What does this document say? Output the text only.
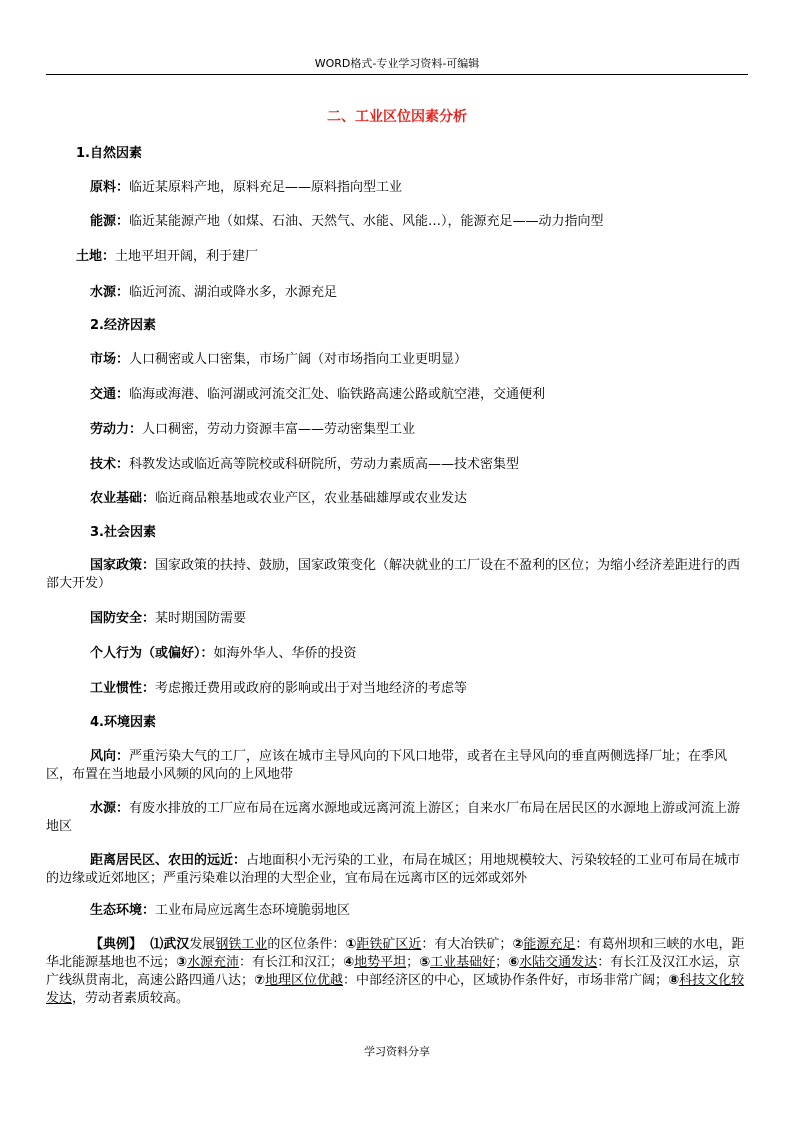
WORD格式-专业学习资料-可编辑
二、工业区位因素分析
1.自然因素
原料：临近某原料产地，原料充足——原料指向型工业
能源：临近某能源产地（如煤、石油、天然气、水能、风能…），能源充足——动力指向型
土地：土地平坦开阔，利于建厂
水源：临近河流、湖泊或降水多，水源充足
2.经济因素
市场：人口稠密或人口密集，市场广阔（对市场指向工业更明显）
交通：临海或海港、临河湖或河流交汇处、临铁路高速公路或航空港，交通便利
劳动力：人口稠密，劳动力资源丰富——劳动密集型工业
技术：科教发达或临近高等院校或科研院所，劳动力素质高——技术密集型
农业基础：临近商品粮基地或农业产区，农业基础雄厚或农业发达
3.社会因素
国家政策：国家政策的扶持、鼓励，国家政策变化（解决就业的工厂设在不盈利的区位；为缩小经济差距进行的西部大开发）
国防安全：某时期国防需要
个人行为（或偏好）：如海外华人、华侨的投资
工业惯性：考虑搬迁费用或政府的影响或出于对当地经济的考虑等
4.环境因素
风向：严重污染大气的工厂，应该在城市主导风向的下风口地带，或者在主导风向的垂直两侧选择厂址；在季风区，布置在当地最小风频的风向的上风地带
水源：有废水排放的工厂应布局在远离水源地或远离河流上游区；自来水厂布局在居民区的水源地上游或河流上游地区
距离居民区、农田的远近：占地面积小无污染的工业，布局在城区；用地规模较大、污染较轻的工业可布局在城市的边缘或近郊地区；严重污染难以治理的大型企业，宜布局在远离市区的远郊或郊外
生态环境：工业布局应远离生态环境脆弱地区
【典例】 ⑴武汉发展钢铁工业的区位条件：①距铁矿区近：有大冶铁矿；②能源充足：有葛州坝和三峡的水电，距华北能源基地也不远；③水源充沛：有长江和汉江；④地势平坦；⑤工业基础好；⑥水陆交通发达：有长江及汉江水运，京广线纵贯南北，高速公路四通八达；⑦地理区位优越：中部经济区的中心，区域协作条件好，市场非常广阔；⑧科技文化较发达，劳动者素质较高。
学习资料分享
